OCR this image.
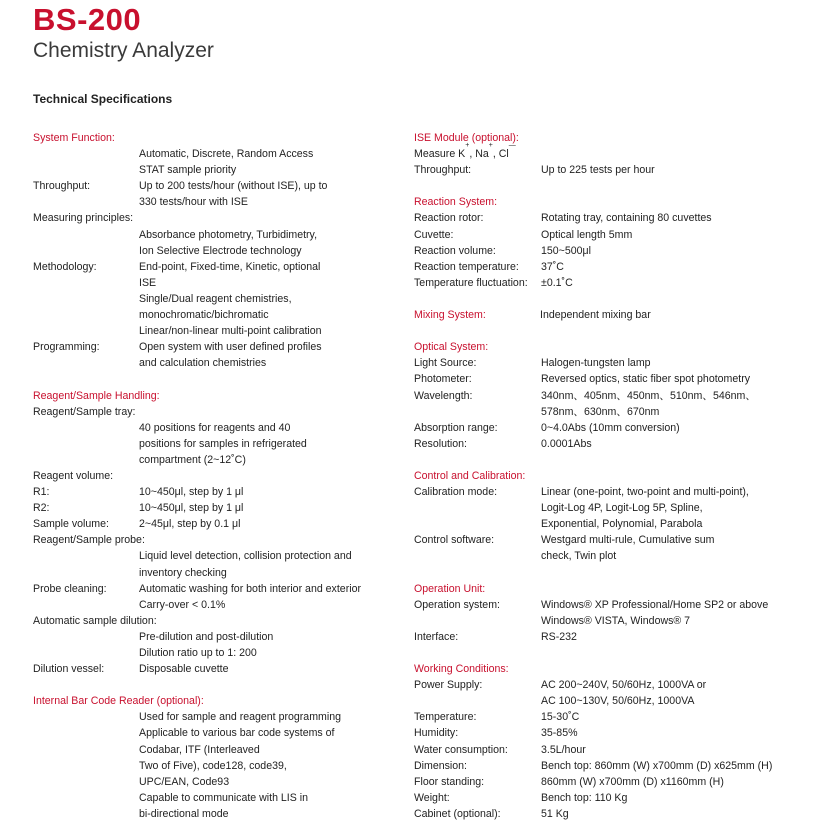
BS-200
Chemistry Analyzer
Technical Specifications
System Function:
Automatic, Discrete, Random Access
STAT sample priority
Throughput:	Up to 200 tests/hour (without ISE), up to
330 tests/hour with ISE
Measuring principles:
Absorbance photometry, Turbidimetry,
Ion Selective Electrode technology
Methodology:	End-point, Fixed-time, Kinetic, optional
ISE
Single/Dual reagent chemistries,
monochromatic/bichromatic
Linear/non-linear multi-point calibration
Programming:	Open system with user defined profiles
and calculation chemistries
Reagent/Sample Handling:
Reagent/Sample tray:
40 positions for reagents and 40
positions for samples in refrigerated
compartment (2~12˚C)
Reagent volume:
R1:	10~450μl, step by 1 μl
R2:	10~450μl, step by 1 μl
Sample volume:	2~45μl, step by 0.1 μl
Reagent/Sample probe:
Liquid level detection, collision protection and
inventory checking
Probe cleaning:	Automatic washing for both interior and exterior
Carry-over < 0.1%
Automatic sample dilution:
Pre-dilution and post-dilution
Dilution ratio up to 1: 200
Dilution vessel:	Disposable cuvette
Internal Bar Code Reader (optional):
Used for sample and reagent programming
Applicable to various bar code systems of
Codabar, ITF (Interleaved
Two of Five), code128, code39,
UPC/EAN, Code93
Capable to communicate with LIS in
bi-directional mode
ISE Module (optional):
Measure K
+
, Na
+
, Cl
—
Throughput:	Up to 225 tests per hour
Reaction System:
Reaction rotor:	Rotating tray, containing 80 cuvettes
Cuvette:	Optical length 5mm
Reaction volume:	150~500μl
Reaction temperature:	37˚C
Temperature fluctuation:	±0.1˚C
Mixing System:	Independent mixing bar
Optical System:
Light Source:	Halogen-tungsten lamp
Photometer:	Reversed optics, static fiber spot photometry
Wavelength:	340nm、405nm、450nm、510nm、546nm、
578nm、630nm、670nm
Absorption range:	0~4.0Abs (10mm conversion)
Resolution:	0.0001Abs
Control and Calibration:
Calibration mode:	Linear (one-point, two-point and multi-point),
Logit-Log 4P, Logit-Log 5P, Spline,
Exponential, Polynomial, Parabola
Control software:	Westgard multi-rule, Cumulative sum
check, Twin plot
Operation Unit:
Operation system:	Windows® XP Professional/Home SP2 or above
Windows® VISTA, Windows® 7
Interface:	RS-232
Working Conditions:
Power Supply:	AC 200~240V, 50/60Hz, 1000VA or
AC 100~130V, 50/60Hz, 1000VA
Temperature:	15-30˚C
Humidity:	35-85%
Water consumption:	3.5L/hour
Dimension:	Bench top: 860mm (W) x700mm (D) x625mm (H)
Floor standing:	860mm (W) x700mm (D) x1160mm (H)
Weight:	Bench top: 110 Kg
Cabinet (optional):	51 Kg
